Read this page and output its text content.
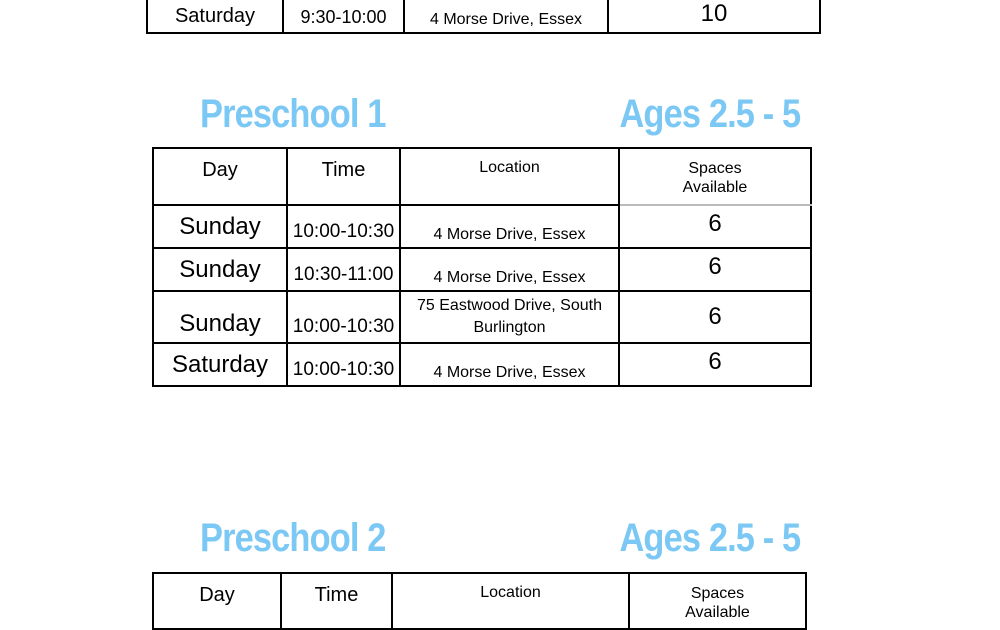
Saturday	9:30-10:00	4 Morse Drive, Essex	10
Preschool 1	Ages 2.5 - 5
Day	Time	Location	Spaces
Available

Sunday	10:00-10:30	4 Morse Drive, Essex	6
Sunday	10:30-11:00	4 Morse Drive, Essex	6
Sunday	10:00-10:30	75 Eastwood Drive, South
Burlington	6
Saturday	10:00-10:30	4 Morse Drive, Essex	6
Preschool 2	Ages 2.5 - 5
Day	Time	Location	Spaces
Available
